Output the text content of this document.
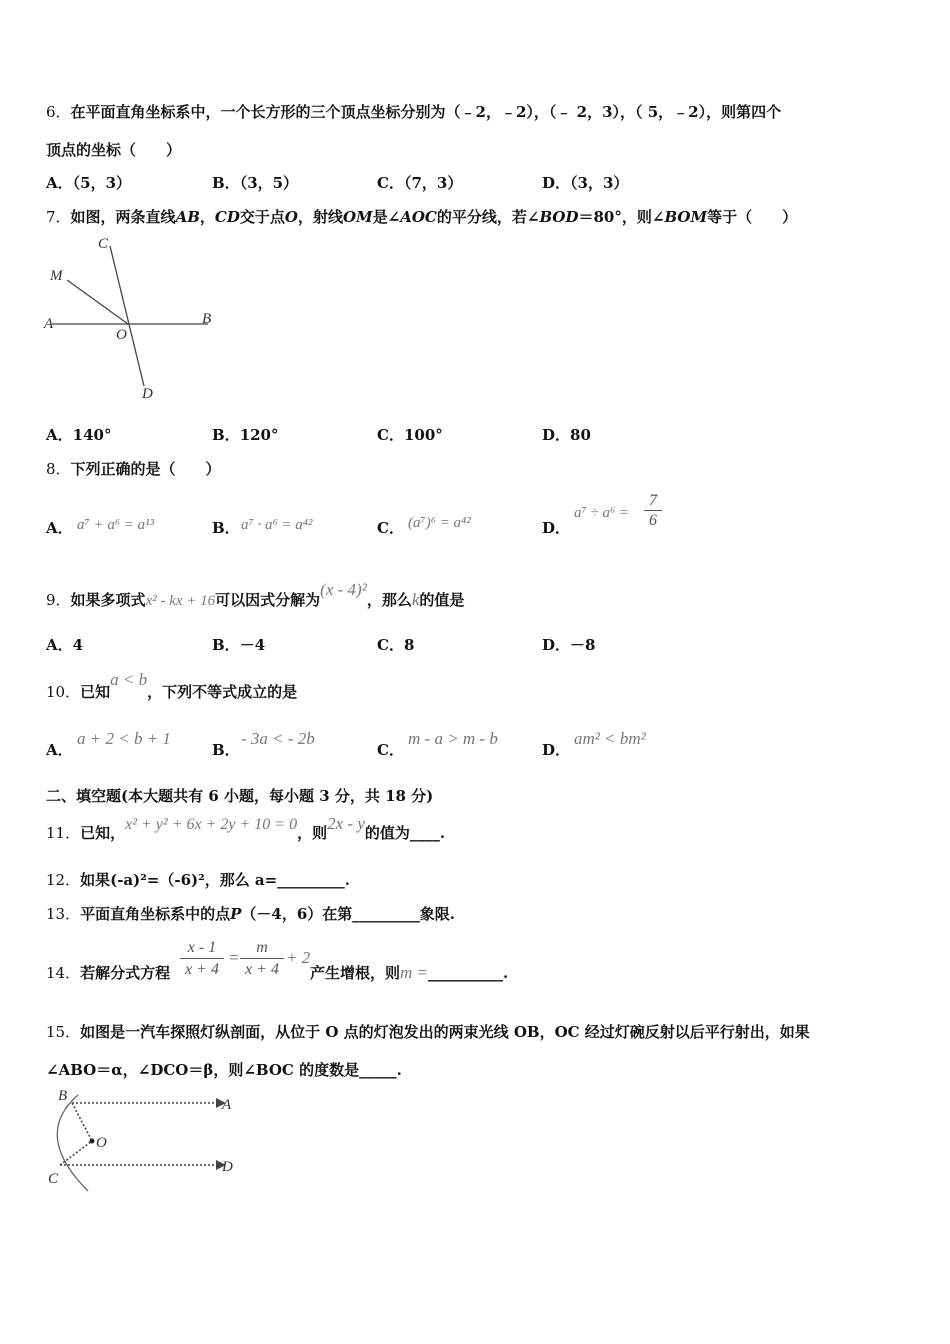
6．在平面直角坐标系中，一个长方形的三个顶点坐标分别为（﹣2，﹣2），（﹣ 2，3），（ 5，﹣2），则第四个
顶点的坐标（　　）
A．（5，3）	B．（3，5）	C．（7，3）	D．（3，3）
7．如图，两条直线AB，CD交于点O，射线OM是∠AOC的平分线，若∠BOD＝80°，则∠BOM等于（　　）
C
M
A
O
B
D
A．140°	B．120°	C．100°	D．80
8．下列正确的是（　　）
A． a⁷ + a⁶ = a¹³	B． a⁷ · a⁶ = a⁴²	C． (a⁷)⁶ = a⁴²	D．
$a^7 \div a^6 = \frac{7}{6}$
9．如果多项式x² - kx + 16可以因式分解为(x - 4)²，那么k的值是
A．4	B．－4	C．8	D．－8
10．已知a < b，下列不等式成立的是
A．
a + 2 < b + 1
B．
- 3a < - 2b
C．
m - a > m - b
D．
am² < bm²
二、填空题(本大题共有 6 小题，每小题 3 分，共 18 分)
11．已知，x² + y² + 6x + 2y + 10 = 0，则2x - y的值为____.
12．如果(-a)²=（-6)²，那么 a=_________.
13．平面直角坐标系中的点P（－4，6）在第_________象限.
14．若解分式方程 $\frac{x - 1}{x + 4} = \frac{m}{x + 4} + 2$
产生增根，则m =__________.
15．如图是一汽车探照灯纵剖面，从位于 O 点的灯泡发出的两束光线 OB，OC 经过灯碗反射以后平行射出，如果
∠ABO＝α，∠DCO＝β，则∠BOC 的度数是_____.
B
A
O
C
D
